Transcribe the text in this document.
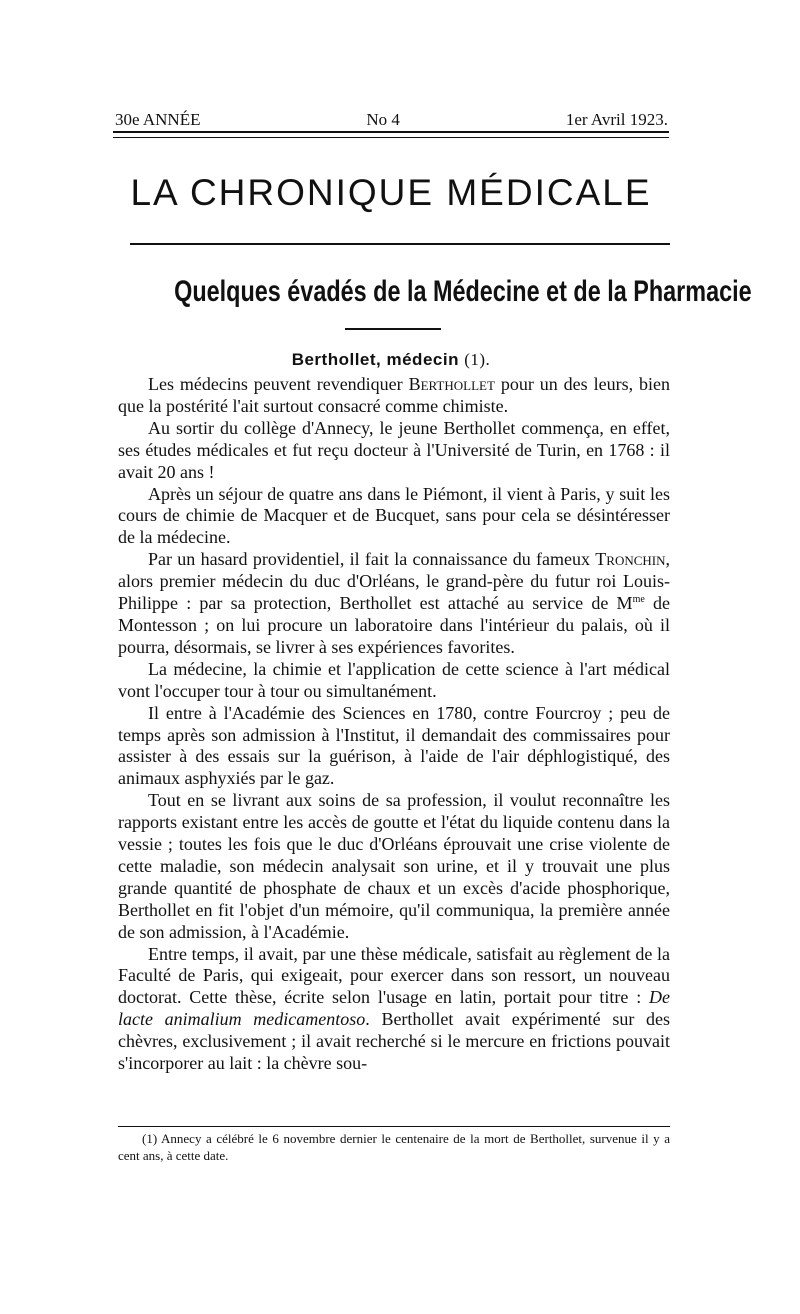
30e ANNÉE	No 4	1er Avril 1923.
LA CHRONIQUE MÉDICALE
Quelques évadés de la Médecine et de la Pharmacie
Berthollet, médecin (1).

Les médecins peuvent revendiquer Berthollet pour un des leurs, bien que la postérité l'ait surtout consacré comme chimiste.

Au sortir du collège d'Annecy, le jeune Berthollet commença, en effet, ses études médicales et fut reçu docteur à l'Université de Turin, en 1768 : il avait 20 ans !

Après un séjour de quatre ans dans le Piémont, il vient à Paris, y suit les cours de chimie de Macquer et de Bucquet, sans pour cela se désintéresser de la médecine.

Par un hasard providentiel, il fait la connaissance du fameux Tronchin, alors premier médecin du duc d'Orléans, le grand-père du futur roi Louis-Philippe : par sa protection, Berthollet est attaché au service de $M^{me}$ de Montesson ; on lui procure un laboratoire dans l'intérieur du palais, où il pourra, désormais, se livrer à ses expériences favorites.

La médecine, la chimie et l'application de cette science à l'art médical vont l'occuper tour à tour ou simultanément.

Il entre à l'Académie des Sciences en 1780, contre Fourcroy ; peu de temps après son admission à l'Institut, il demandait des commissaires pour assister à des essais sur la guérison, à l'aide de l'air déphlogistiqué, des animaux asphyxiés par le gaz.

Tout en se livrant aux soins de sa profession, il voulut reconnaître les rapports existant entre les accès de goutte et l'état du liquide contenu dans la vessie ; toutes les fois que le duc d'Orléans éprouvait une crise violente de cette maladie, son médecin analysait son urine, et il y trouvait une plus grande quantité de phosphate de chaux et un excès d'acide phosphorique, Berthollet en fit l'objet d'un mémoire, qu'il communiqua, la première année de son admission, à l'Académie.

Entre temps, il avait, par une thèse médicale, satisfait au règlement de la Faculté de Paris, qui exigeait, pour exercer dans son ressort, un nouveau doctorat. Cette thèse, écrite selon l'usage en latin, portait pour titre : De lacte animalium medicamentoso. Berthollet avait expérimenté sur des chèvres, exclusivement ; il avait recherché si le mercure en frictions pouvait s'incorporer au lait : la chèvre sou-

(1) Annecy a célébré le 6 novembre dernier le centenaire de la mort de Berthollet, survenue il y a cent ans, à cette date.
